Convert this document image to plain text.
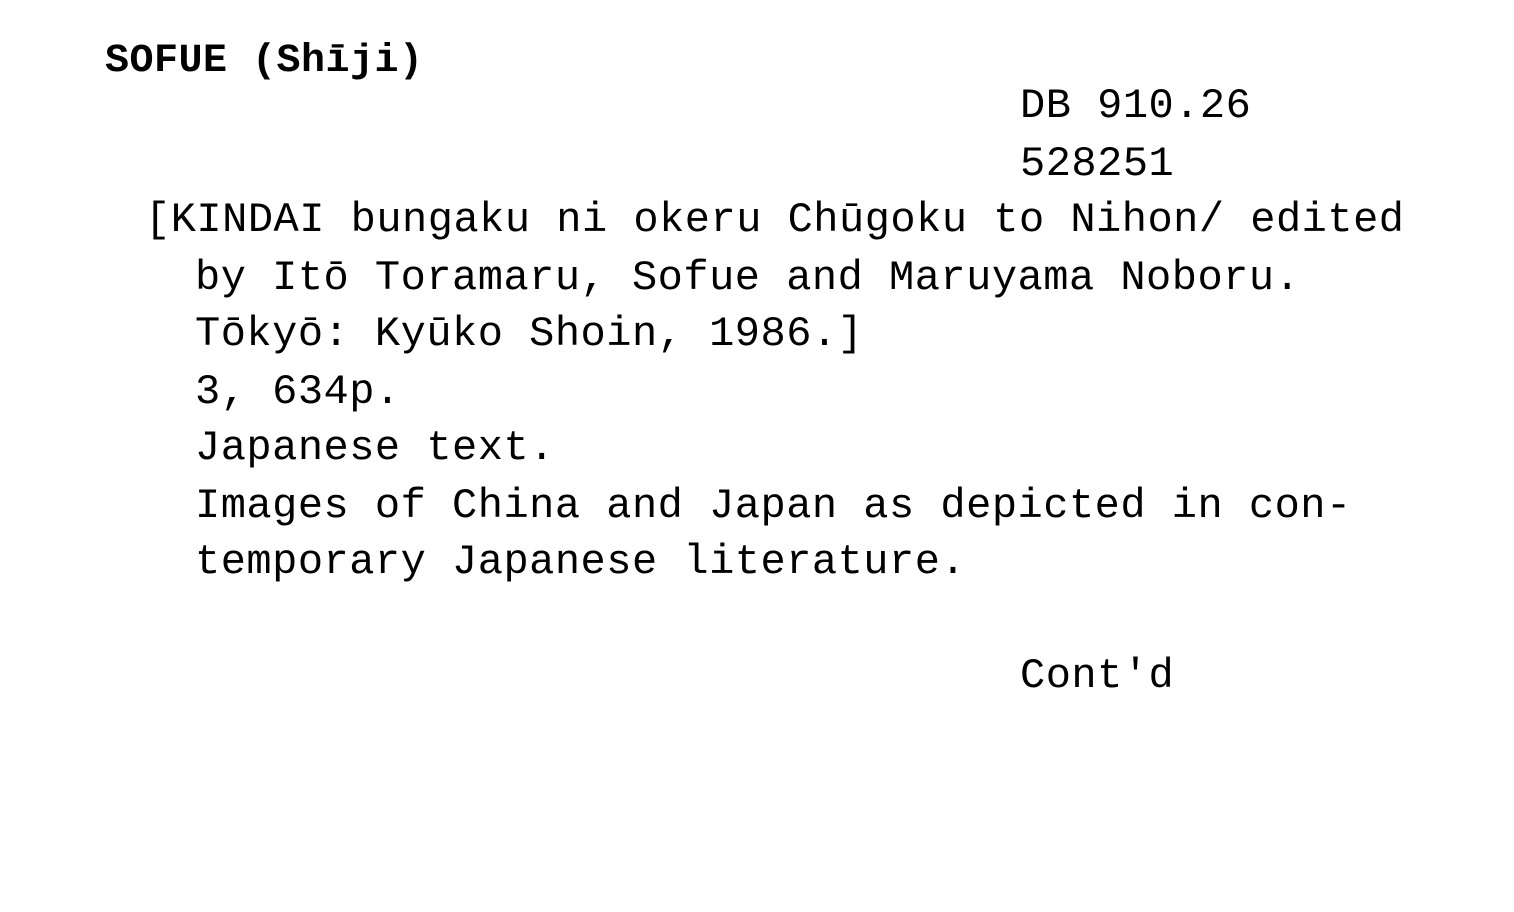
SOFUE (Shīji)
DB 910.26
528251
[KINDAI bungaku ni okeru Chūgoku to Nihon/ edited
by Itō Toramaru, Sofue and Maruyama Noboru.
Tōkyō: Kyūko Shoin, 1986.]
3, 634p.
Japanese text.
Images of China and Japan as depicted in con-
temporary Japanese literature.
Cont'd
